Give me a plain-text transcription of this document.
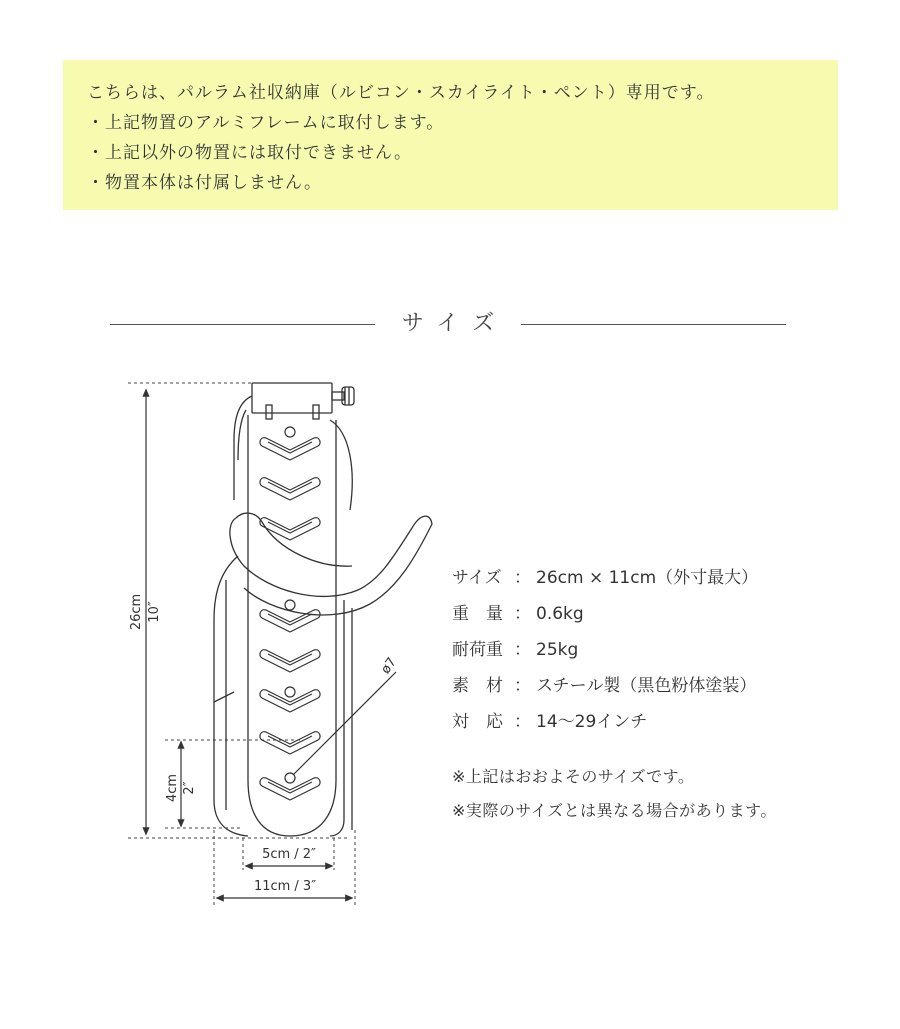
こちらは、パルラム社収納庫（ルビコン・スカイライト・ペント）専用です。
・上記物置のアルミフレームに取付します。
・上記以外の物置には取付できません。
・物置本体は付属しません。
サイズ
26cm 10″
4cm 2″
ø7
5cm / 2″
11cm / 3″
サイズ ： 26cm × 11cm（外寸最大）
重　量 ： 0.6kg
耐荷重 ： 25kg
素　材 ： スチール製（黒色粉体塗装）
対　応 ： 14〜29インチ
※上記はおおよそのサイズです。
※実際のサイズとは異なる場合があります。
